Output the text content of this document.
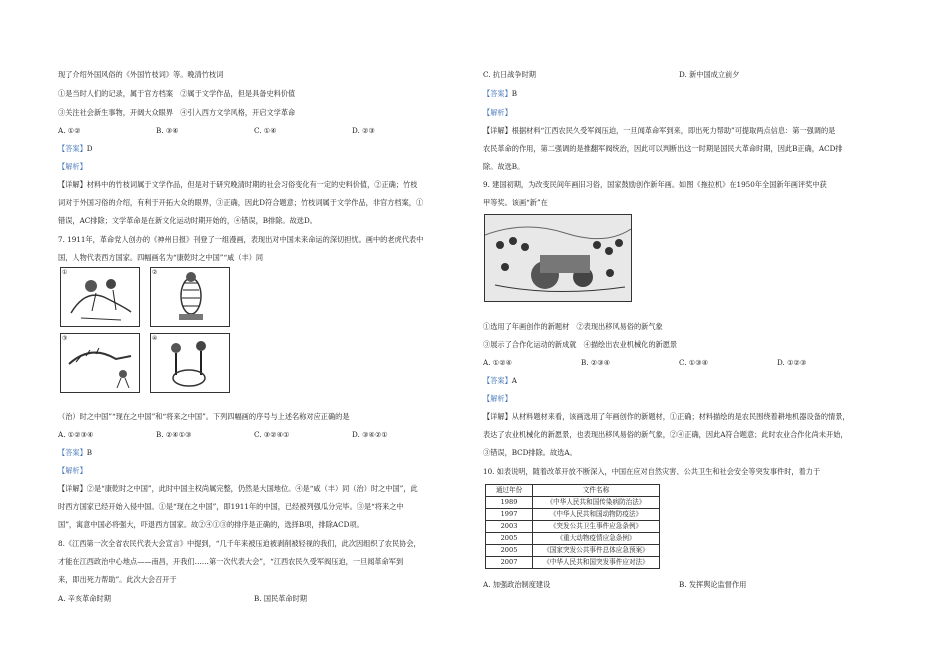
现了介绍外国风俗的《外国竹枝词》等。晚清竹枝词
①是当时人们的记录，属于官方档案　②属于文学作品，但是具备史料价值
③关注社会新生事物，开阔大众眼界　④引入西方文学风格，开启文学革命
A. ①②	B. ③④	C. ①④	D. ②③
【答案】D
【解析】
【详解】材料中的竹枝词属于文学作品，但是对于研究晚清时期的社会习俗变化有一定的史料价值，②正确；竹枝
词对于外国习俗的介绍，有利于开拓大众的眼界，③正确，因此D符合题意；竹枝词属于文学作品，非官方档案，①
错误，AC排除；文学革命是在新文化运动时期开始的，④错误，B排除。故选D。
7. 1911年，革命党人创办的《神州日报》刊登了一组漫画，表现出对中国未来命运的深切担忧。画中的老虎代表中
国，人物代表西方国家。四幅画名为“康乾时之中国”“咸（丰）同
①	②
③	④
（治）时之中国”“现在之中国”和“将来之中国”。下列四幅画的序号与上述名称对应正确的是
A. ①②③④	B. ②④①③	C. ③②④①	D. ③④②①
【答案】B
【解析】
【详解】②是“康乾时之中国”，此时中国主权尚属完整，仍然是大国地位。④是“咸（丰）同（治）时之中国”，此
时西方国家已经开始入侵中国。①是“现在之中国”，即1911年的中国，已经被列强瓜分完毕。③是“将来之中
国”，寓意中国必将强大，吓退西方国家。故②④①③的排序是正确的，选择B项，排除ACD项。
8.《江西第一次全省农民代表大会宣言》中提到，“几千年来被压迫被剥削被轻视的我们，此次因组织了农民协会，
才能在江西政治中心地点——南昌，开我们……第一次代表大会”，“江西农民久受军阀压迫，一旦闻革命军到
来，即出死力帮助”。此次大会召开于
A. 辛亥革命时期	B. 国民革命时期
C. 抗日战争时期	D. 新中国成立前夕
【答案】B
【解析】
【详解】根据材料“江西农民久受军阀压迫，一旦闻革命军到来，即出死力帮助”可提取两点信息：第一强调的是
农民革命的作用，第二强调的是推翻军阀统治，因此可以判断出这一时期是国民大革命时期，因此B正确，ACD排
除。故选B。
9. 建国初期，为改变民间年画旧习俗，国家鼓励创作新年画。如图《拖拉机》在1950年全国新年画评奖中获
甲等奖。该画“新”在
①选用了年画创作的新题材　②表现出移风易俗的新气象
③展示了合作化运动的新成就　④描绘出农业机械化的新愿景
A. ①②④	B. ②③④	C. ①③④	D. ①②③
【答案】A
【解析】
【详解】从材料题材来看，该画选用了年画创作的新题材，①正确；材料描绘的是农民围绕着耕地机器设备的情景，
表达了农业机械化的新愿景，也表现出移风易俗的新气象，②④正确，因此A符合题意；此时农业合作化尚未开始，
③错误，BCD排除。故选A。
10. 如表说明，随着改革开放不断深入，中国在应对自然灾害、公共卫生和社会安全等突发事件时，着力于
通过年份	文件名称
1989	《中华人民共和国传染病防治法》
1997	《中华人民共和国动物防疫法》
2003	《突发公共卫生事件应急条例》
2005	《重大动物疫情应急条例》
2005	《国家突发公共事件总体应急预案》
2007	《中华人民共和国突发事件应对法》
A. 加强政治制度建设	B. 发挥舆论监督作用
